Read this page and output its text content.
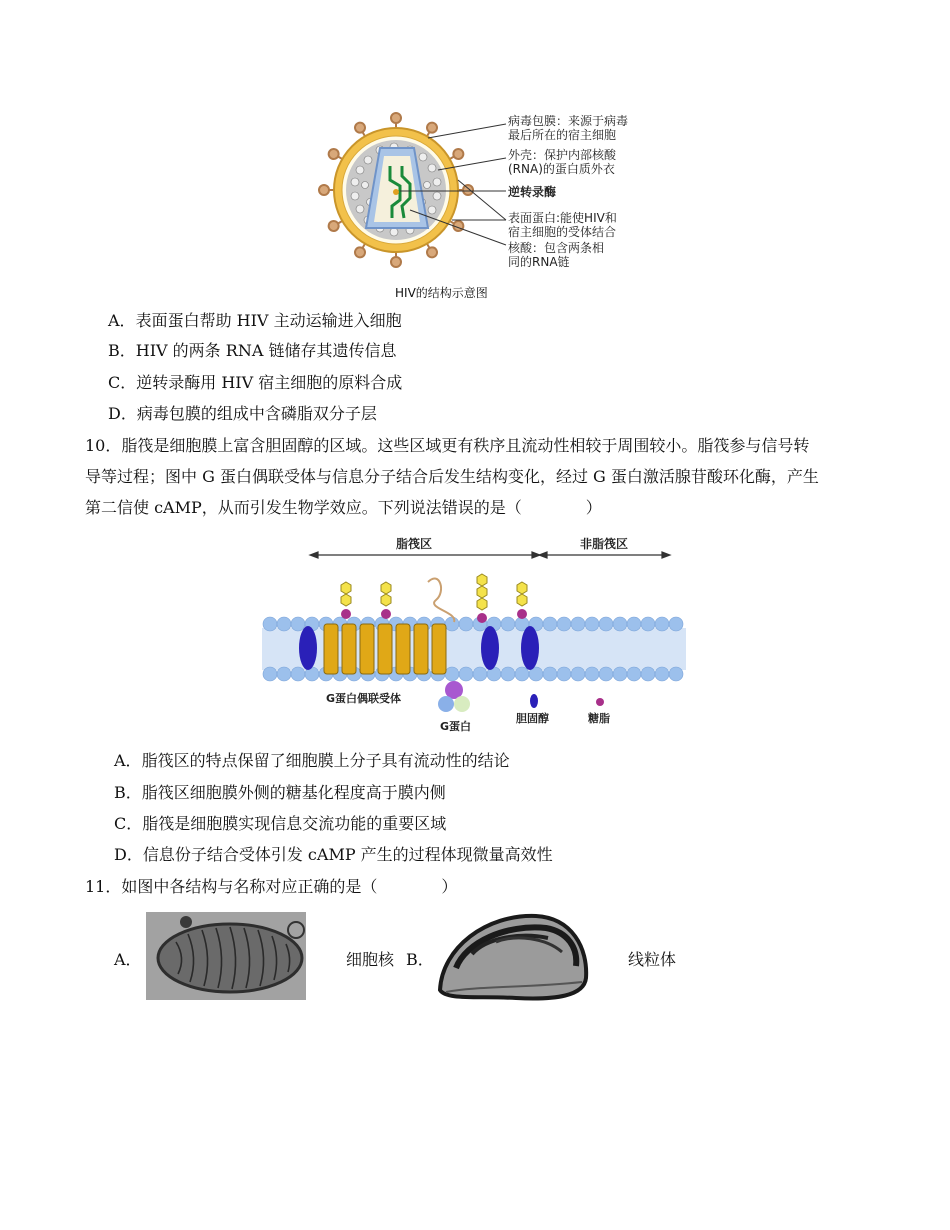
病毒包膜：来源于病毒
最后所在的宿主细胞
外壳：保护内部核酸
(RNA)的蛋白质外衣
逆转录酶
表面蛋白:能使HIV和
宿主细胞的受体结合
核酸：包含两条相
同的RNA链
HIV的结构示意图
A．表面蛋白帮助 HIV 主动运输进入细胞
B．HIV 的两条 RNA 链储存其遗传信息
C．逆转录酶用 HIV 宿主细胞的原料合成
D．病毒包膜的组成中含磷脂双分子层
10．脂筏是细胞膜上富含胆固醇的区域。这些区域更有秩序且流动性相较于周围较小。脂筏参与信号转
导等过程；图中 G 蛋白偶联受体与信息分子结合后发生结构变化，经过 G 蛋白激活腺苷酸环化酶，产生
第二信使 cAMP，从而引发生物学效应。下列说法错误的是（　　　　）
脂筏区	非脂筏区
G蛋白偶联受体
G蛋白
胆固醇	糖脂
A．脂筏区的特点保留了细胞膜上分子具有流动性的结论
B．脂筏区细胞膜外侧的糖基化程度高于膜内侧
C．脂筏是细胞膜实现信息交流功能的重要区域
D．信息份子结合受体引发 cAMP 产生的过程体现微量高效性
11．如图中各结构与名称对应正确的是（　　　　）
A．	细胞核 B．	线粒体
